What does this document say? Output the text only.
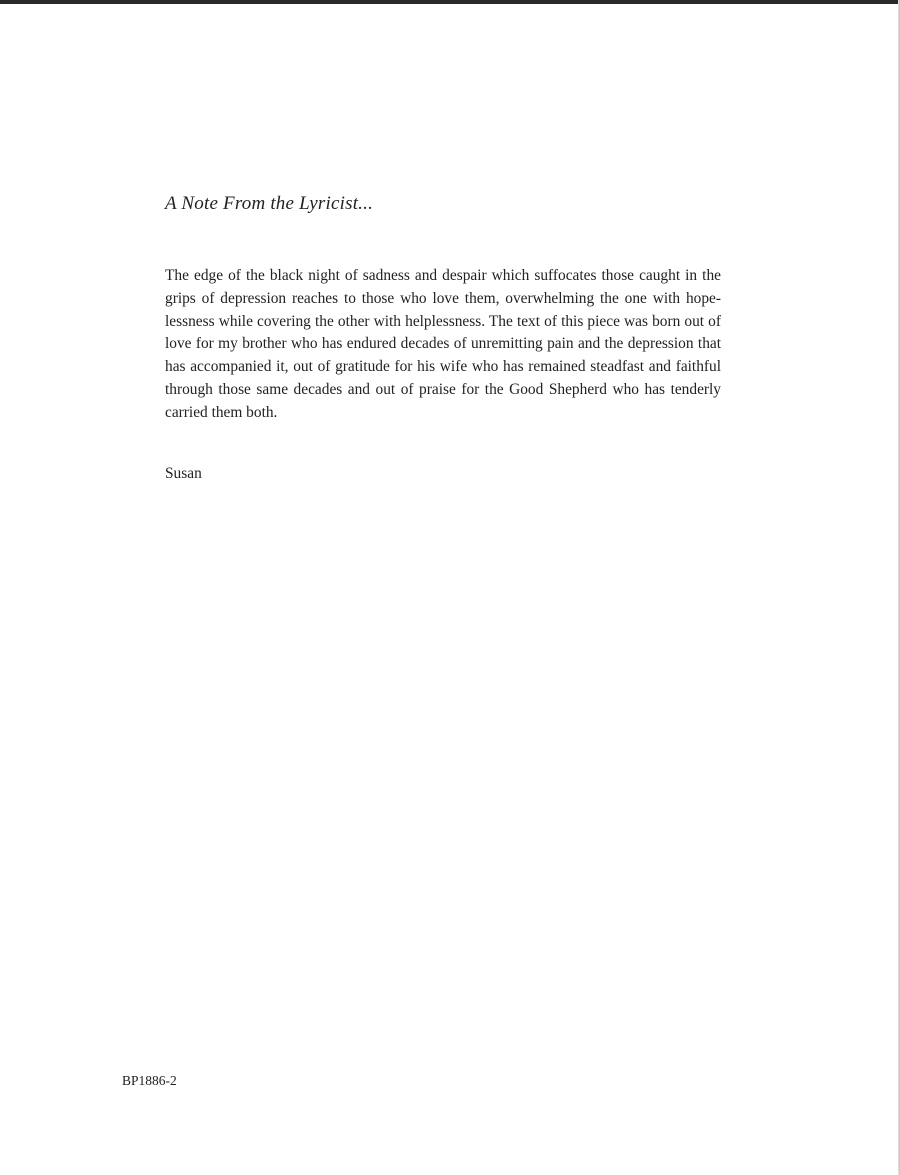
A Note From the Lyricist...
The edge of the black night of sadness and despair which suffocates those caught in the grips of depression reaches to those who love them, overwhelming the one with hope-lessness while covering the other with helplessness. The text of this piece was born out of love for my brother who has endured decades of unremitting pain and the depression that has accompanied it, out of gratitude for his wife who has remained steadfast and faithful through those same decades and out of praise for the Good Shepherd who has tenderly carried them both.
Susan
BP1886-2
